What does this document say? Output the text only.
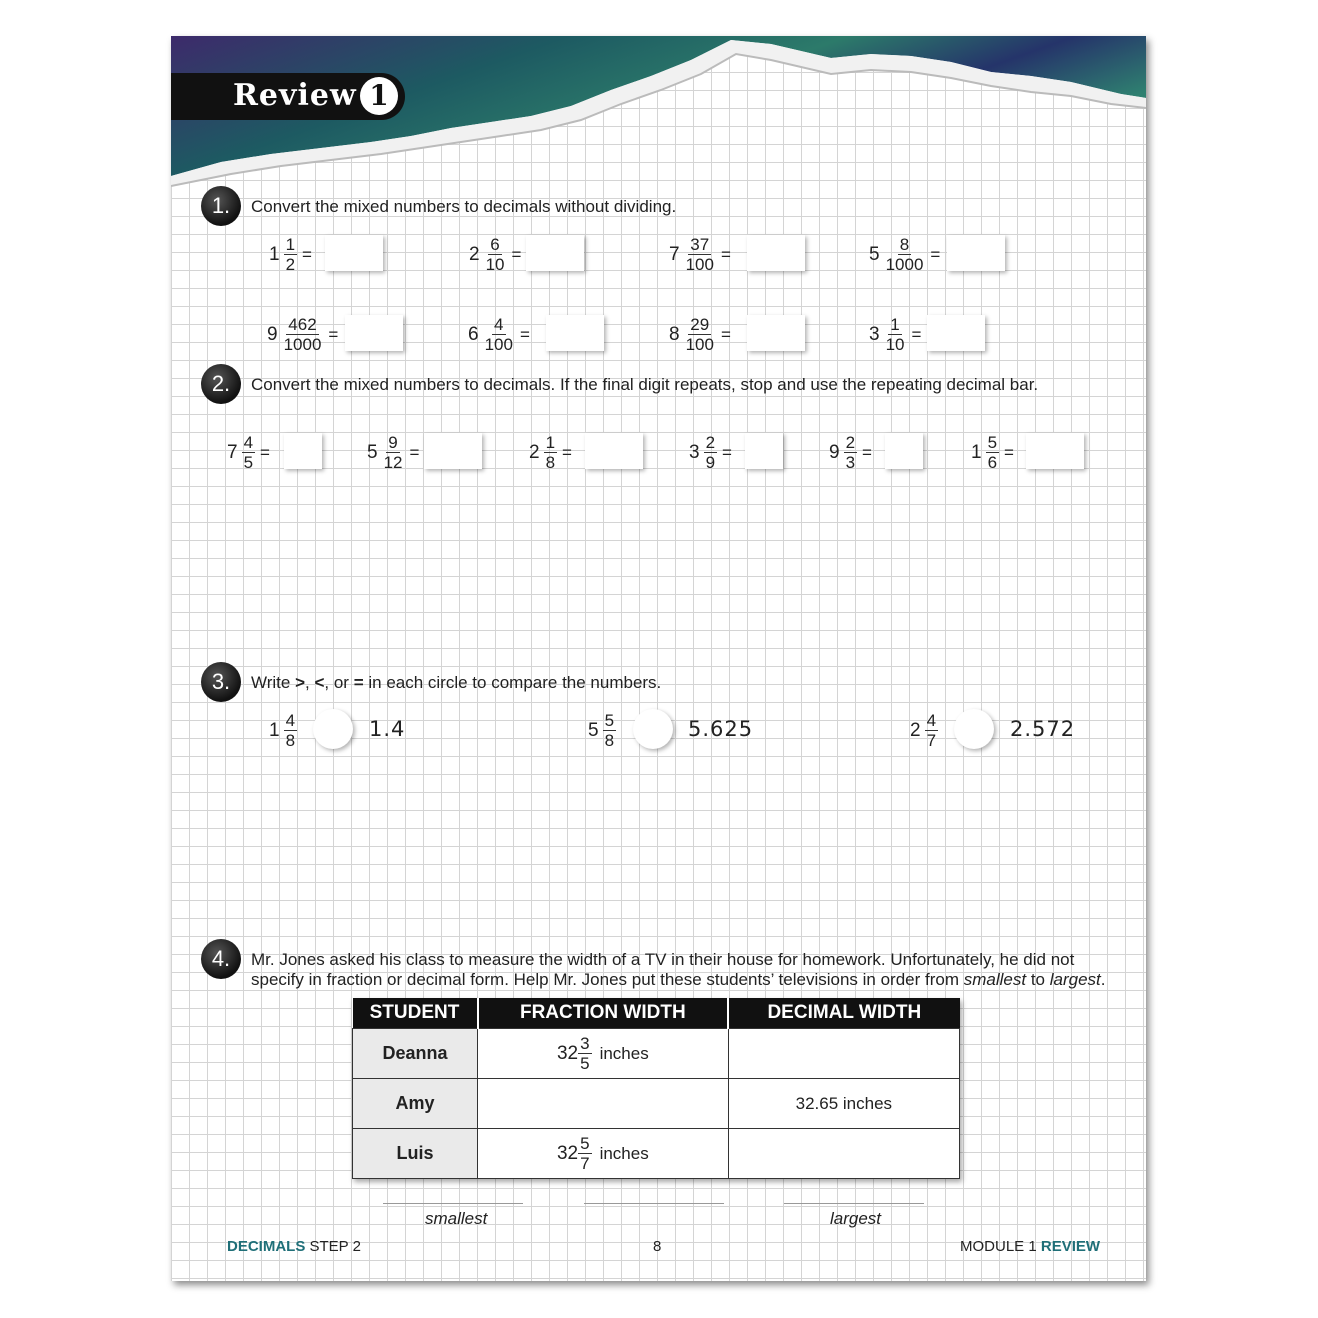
Review 1
1.	Convert the mixed numbers to decimals without dividing.
$1 \frac{1}{2}$ =	$2 \frac{6}{10}$ =	$7 \frac{37}{100}$ =	$5 \frac{8}{1000}$ =
$9 \frac{462}{1000}$ =	$6 \frac{4}{100}$ =	$8 \frac{29}{100}$ =	$3 \frac{1}{10}$ =
2.	Convert the mixed numbers to decimals. If the final digit repeats, stop and use the repeating decimal bar.
$7 \frac{4}{5}$ =	$5 \frac{9}{12}$ =	$2 \frac{1}{8}$ =	$3 \frac{2}{9}$ =	$9 \frac{2}{3}$ =	$1 \frac{5}{6}$ =
3.	Write >, <, or = in each circle to compare the numbers.
$1 \frac{4}{8}$	1.4	$5 \frac{5}{8}$	5.625	$2 \frac{4}{7}$	2.572
4.	Mr. Jones asked his class to measure the width of a TV in their house for homework. Unfortunately, he did not
specify in fraction or decimal form. Help Mr. Jones put these students’ televisions in order from smallest to largest.
STUDENT	FRACTION WIDTH	DECIMAL WIDTH
Deanna	$32 \frac{3}{5}$ inches	

Amy		32.65 inches
Luis	$32 \frac{5}{7}$ inches	

smallest	largest
DECIMALS STEP 2	8	MODULE 1 REVIEW
